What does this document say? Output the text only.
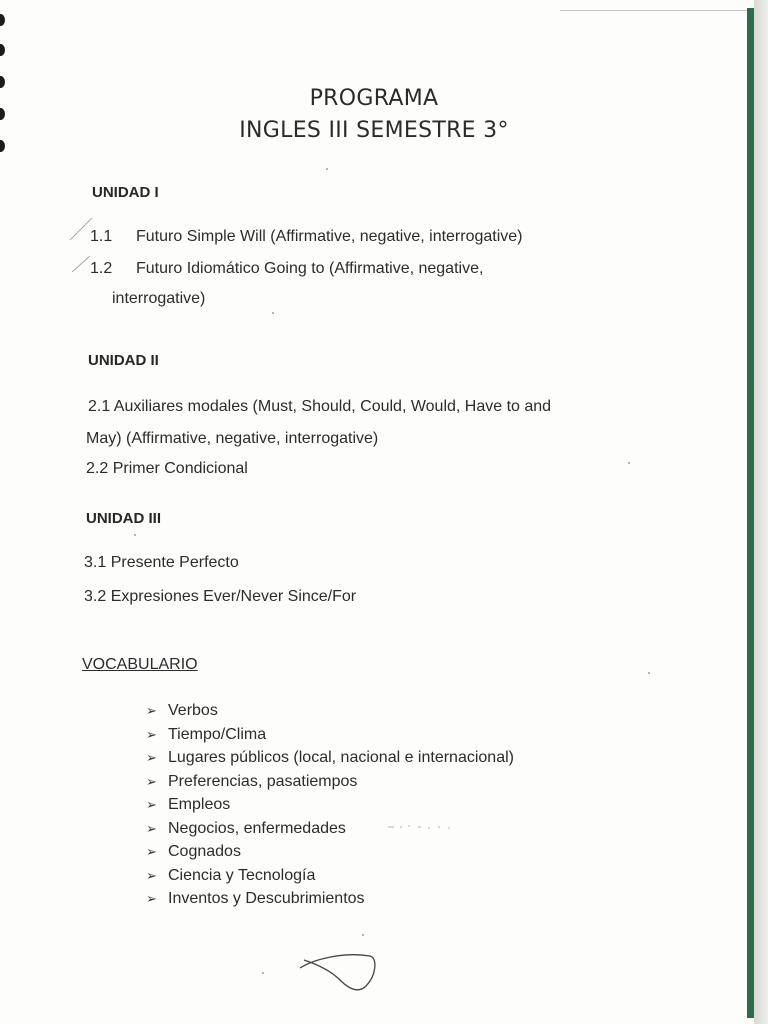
PROGRAMA
INGLES III SEMESTRE 3°
UNIDAD I
1.1 Futuro Simple Will (Affirmative, negative, interrogative)
1.2 Futuro Idiomático Going to (Affirmative, negative,
interrogative)
UNIDAD II
2.1 Auxiliares modales (Must, Should, Could, Would, Have to and
May) (Affirmative, negative, interrogative)
2.2 Primer Condicional
UNIDAD III
3.1 Presente Perfecto
3.2 Expresiones Ever/Never Since/For
VOCABULARIO
➢ Verbos
➢ Tiempo/Clima
➢ Lugares públicos (local, nacional e internacional)
➢ Preferencias, pasatiempos
➢ Empleos
➢ Negocios, enfermedades
➢ Cognados
➢ Ciencia y Tecnología
➢ Inventos y Descubrimientos
